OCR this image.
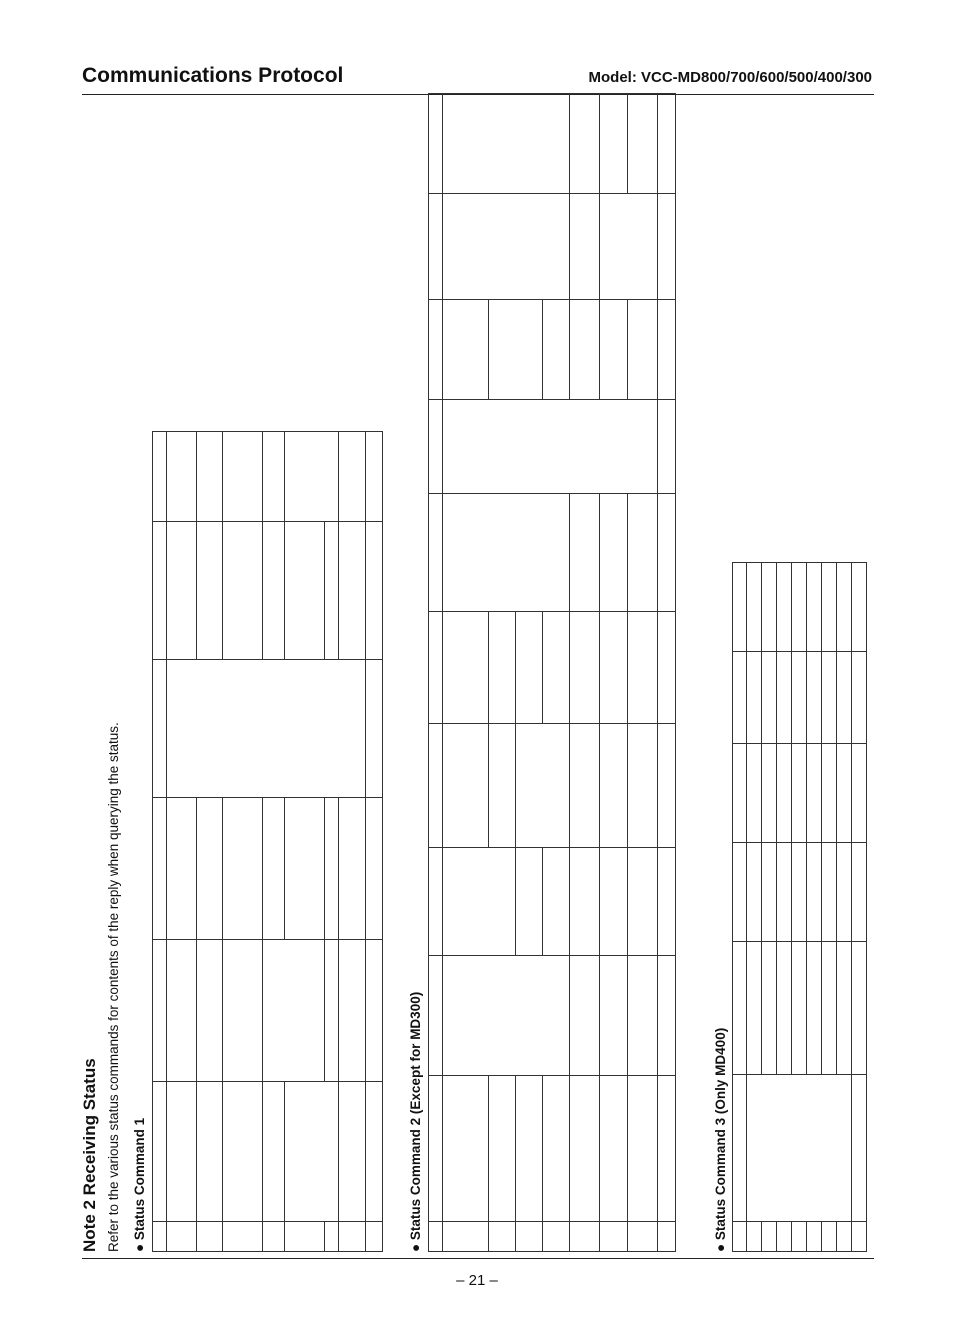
Communications Protocol	Model: VCC-MD800/700/600/500/400/300
Note 2 Receiving Status Refer to the various status commands for contents of the reply when querying the status. ● Status Command 1

● Status Command 2 (Except for MD300)

● Status Command 3 (Only MD400)

– 21 –
